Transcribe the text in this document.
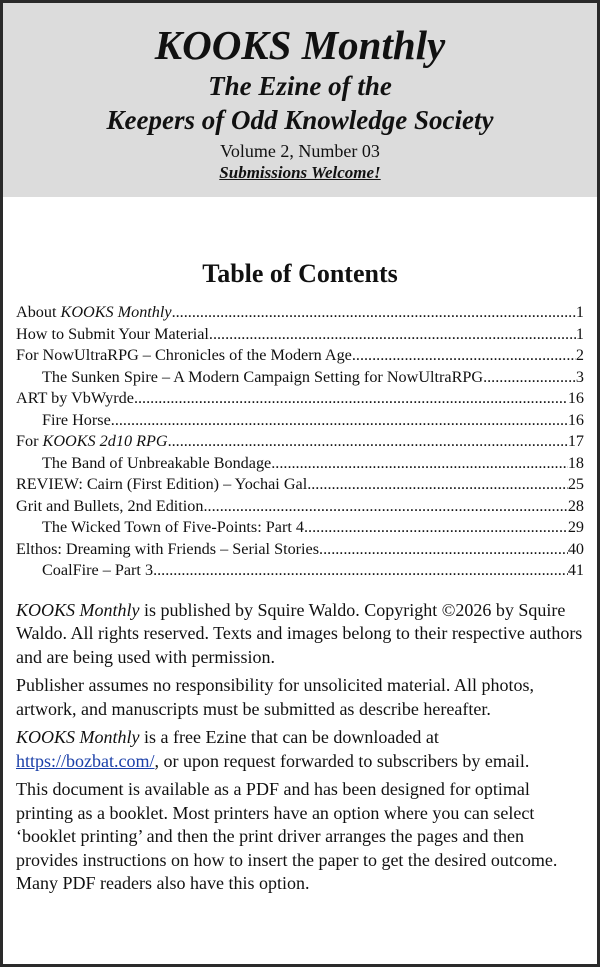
KOOKS Monthly
The Ezine of the
Keepers of Odd Knowledge Society
Volume 2, Number 03
Submissions Welcome!
Table of Contents
About KOOKS Monthly .....	1
How to Submit Your Material .....	1
For NowUltraRPG – Chronicles of the Modern Age .....	2
The Sunken Spire – A Modern Campaign Setting for NowUltraRPG .....	3
ART by VbWyrde .....	16
Fire Horse .....	16
For KOOKS 2d10 RPG .....	17
The Band of Unbreakable Bondage .....	18
REVIEW: Cairn (First Edition) – Yochai Gal .....	25
Grit and Bullets, 2nd Edition .....	28
The Wicked Town of Five-Points: Part 4 .....	29
Elthos: Dreaming with Friends – Serial Stories .....	40
CoalFire – Part 3 .....	41

KOOKS Monthly is published by Squire Waldo. Copyright ©2026 by Squire Waldo. All rights reserved. Texts and images belong to their respective authors and are being used with permission.

Publisher assumes no responsibility for unsolicited material. All photos, artwork, and manuscripts must be submitted as describe hereafter.

KOOKS Monthly is a free Ezine that can be downloaded at https://bozbat.com/, or upon request forwarded to subscribers by email.

This document is available as a PDF and has been designed for optimal printing as a booklet. Most printers have an option where you can select ‘booklet printing’ and then the print driver arranges the pages and then provides instructions on how to insert the paper to get the desired outcome. Many PDF readers also have this option.
